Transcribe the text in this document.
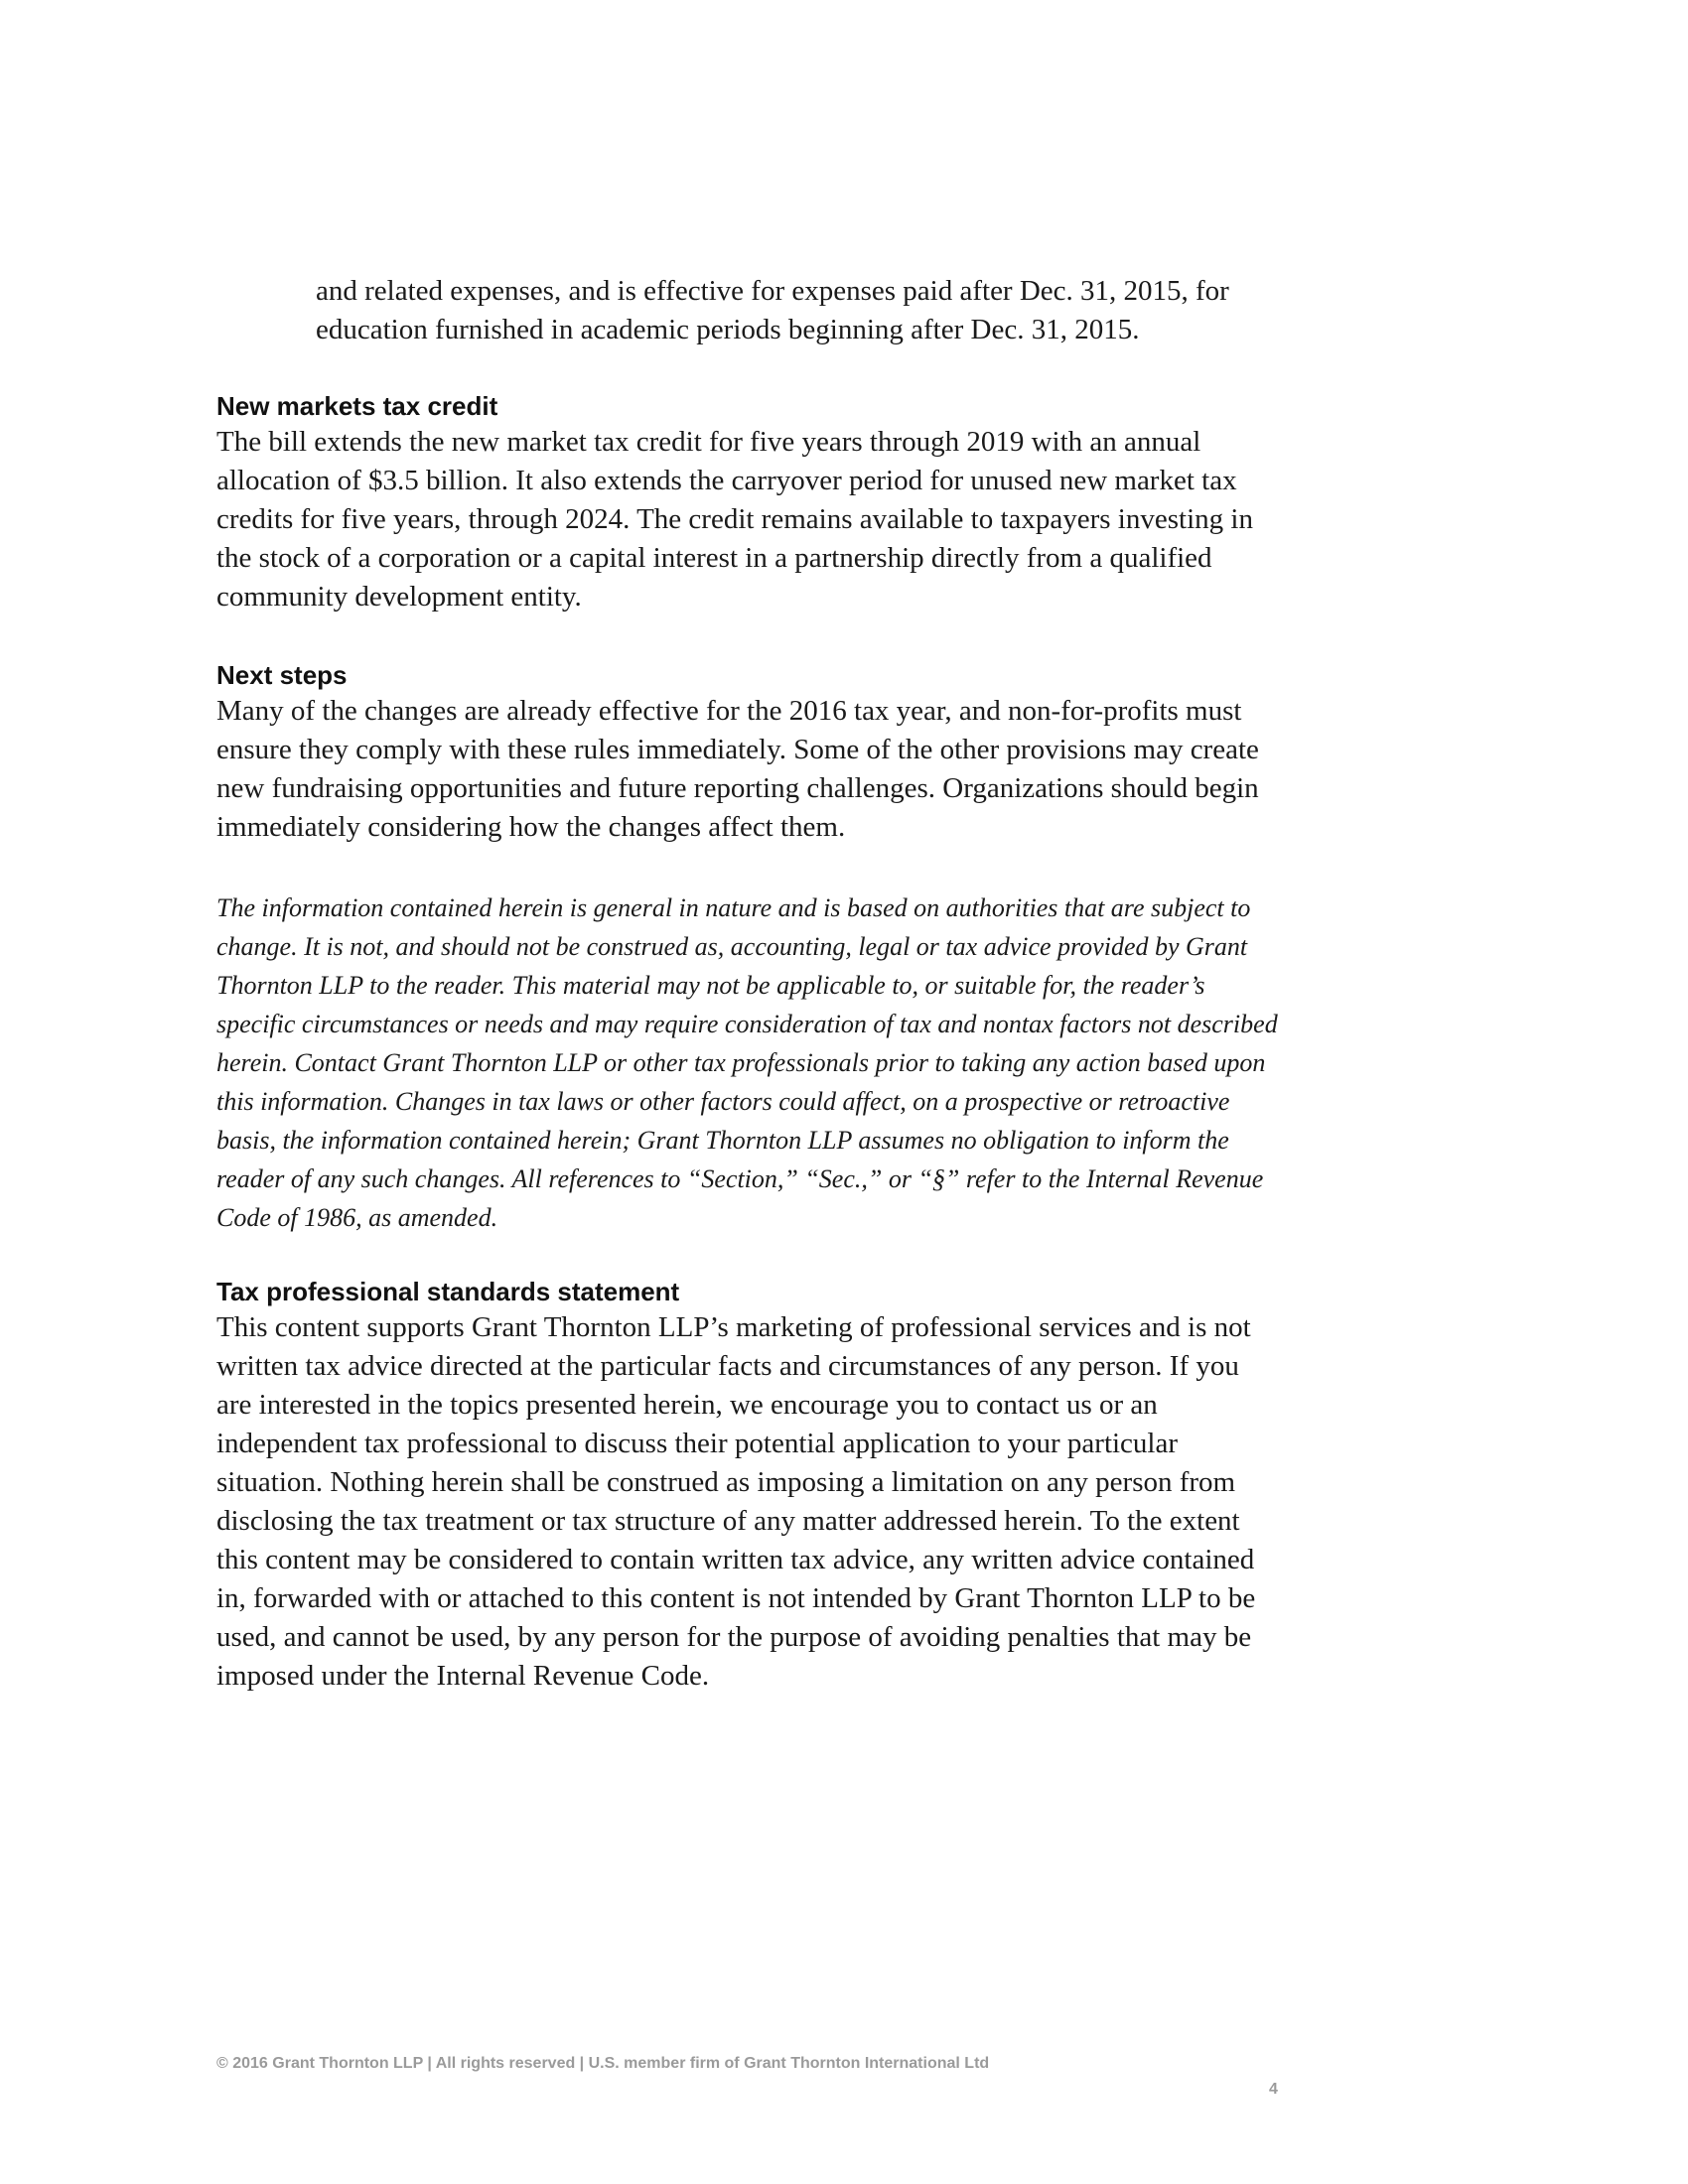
and related expenses, and is effective for expenses paid after Dec. 31, 2015, for education furnished in academic periods beginning after Dec. 31, 2015.

New markets tax credit

The bill extends the new market tax credit for five years through 2019 with an annual allocation of $3.5 billion. It also extends the carryover period for unused new market tax credits for five years, through 2024. The credit remains available to taxpayers investing in the stock of a corporation or a capital interest in a partnership directly from a qualified community development entity.

Next steps

Many of the changes are already effective for the 2016 tax year, and non-for-profits must ensure they comply with these rules immediately. Some of the other provisions may create new fundraising opportunities and future reporting challenges. Organizations should begin immediately considering how the changes affect them.

The information contained herein is general in nature and is based on authorities that are subject to change. It is not, and should not be construed as, accounting, legal or tax advice provided by Grant Thornton LLP to the reader. This material may not be applicable to, or suitable for, the reader’s specific circumstances or needs and may require consideration of tax and nontax factors not described herein. Contact Grant Thornton LLP or other tax professionals prior to taking any action based upon this information. Changes in tax laws or other factors could affect, on a prospective or retroactive basis, the information contained herein; Grant Thornton LLP assumes no obligation to inform the reader of any such changes. All references to “Section,” “Sec.,” or “§” refer to the Internal Revenue Code of 1986, as amended.

Tax professional standards statement

This content supports Grant Thornton LLP’s marketing of professional services and is not written tax advice directed at the particular facts and circumstances of any person. If you are interested in the topics presented herein, we encourage you to contact us or an independent tax professional to discuss their potential application to your particular situation. Nothing herein shall be construed as imposing a limitation on any person from disclosing the tax treatment or tax structure of any matter addressed herein. To the extent this content may be considered to contain written tax advice, any written advice contained in, forwarded with or attached to this content is not intended by Grant Thornton LLP to be used, and cannot be used, by any person for the purpose of avoiding penalties that may be imposed under the Internal Revenue Code.

© 2016 Grant Thornton LLP | All rights reserved | U.S. member firm of Grant Thornton International Ltd
4
